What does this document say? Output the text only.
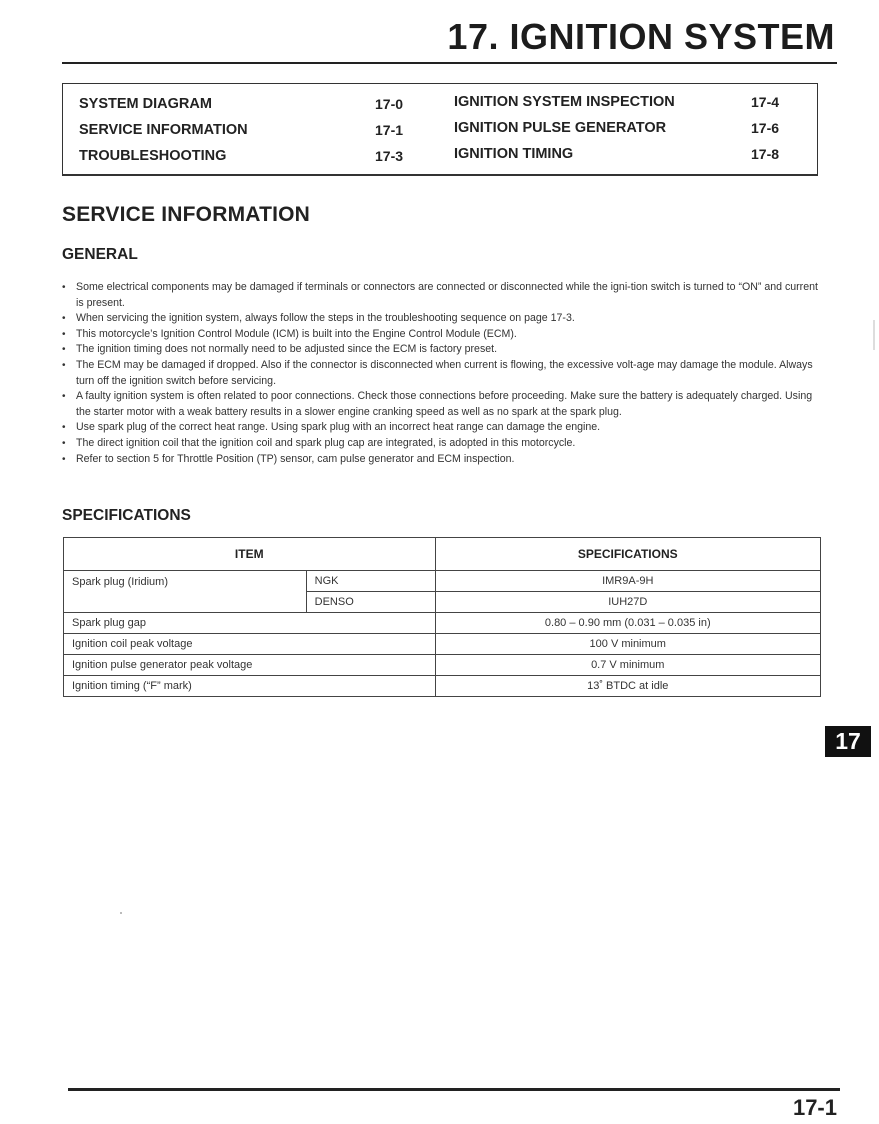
17. IGNITION SYSTEM
SYSTEM DIAGRAM	17-0
SERVICE INFORMATION	17-1
TROUBLESHOOTING	17-3
IGNITION SYSTEM INSPECTION	17-4
IGNITION PULSE GENERATOR	17-6
IGNITION TIMING	17-8
SERVICE INFORMATION
GENERAL
• Some electrical components may be damaged if terminals or connectors are connected or disconnected while the igni-tion switch is turned to “ON” and current is present.
• When servicing the ignition system, always follow the steps in the troubleshooting sequence on page 17-3.
• This motorcycle’s Ignition Control Module (ICM) is built into the Engine Control Module (ECM).
• The ignition timing does not normally need to be adjusted since the ECM is factory preset.
• The ECM may be damaged if dropped. Also if the connector is disconnected when current is flowing, the excessive volt-age may damage the module. Always turn off the ignition switch before servicing.
• A faulty ignition system is often related to poor connections. Check those connections before proceeding. Make sure the battery is adequately charged. Using the starter motor with a weak battery results in a slower engine cranking speed as well as no spark at the spark plug.
• Use spark plug of the correct heat range. Using spark plug with an incorrect heat range can damage the engine.
• The direct ignition coil that the ignition coil and spark plug cap are integrated, is adopted in this motorcycle.
• Refer to section 5 for Throttle Position (TP) sensor, cam pulse generator and ECM inspection.
SPECIFICATIONS
ITEM		SPECIFICATIONS
Spark plug (Iridium)	NGK	IMR9A-9H
	DENSO	IUH27D
Spark plug gap		0.80 – 0.90 mm (0.031 – 0.035 in)
Ignition coil peak voltage		100 V minimum
Ignition pulse generator peak voltage		0.7 V minimum
Ignition timing (“F” mark)		13˚ BTDC at idle
17
17-1
